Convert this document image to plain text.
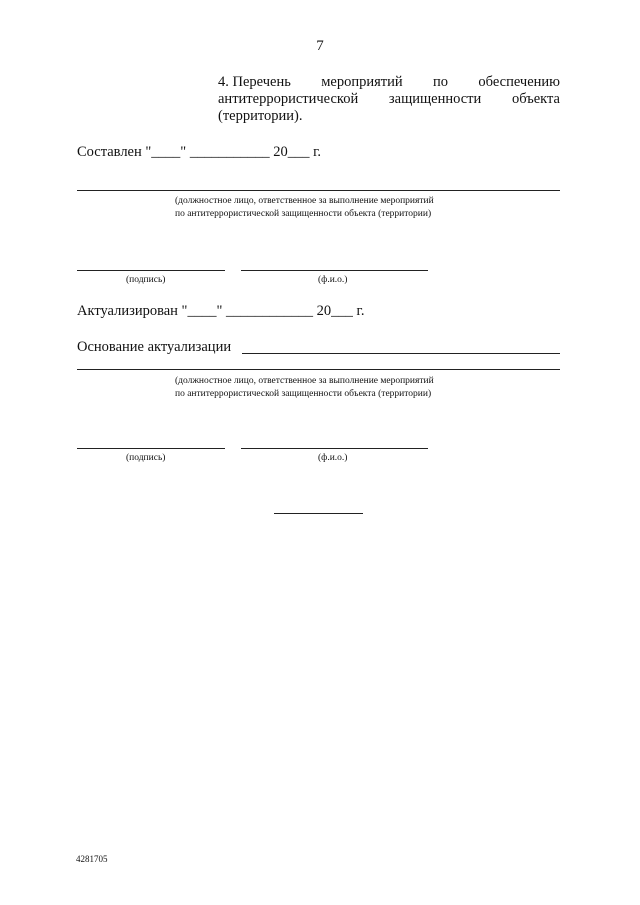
7
4. Перечень мероприятий по обеспечению
антитеррористической защищенности объекта
(территории).
Составлен "____" ___________ 20___ г.
(должностное лицо, ответственное за выполнение мероприятий
по антитеррористической защищенности объекта (территории)
(подпись)	(ф.и.о.)
Актуализирован "____" ____________ 20___ г.
Основание актуализации
(должностное лицо, ответственное за выполнение мероприятий
по антитеррористической защищенности объекта (территории)
(подпись)	(ф.и.о.)
4281705
